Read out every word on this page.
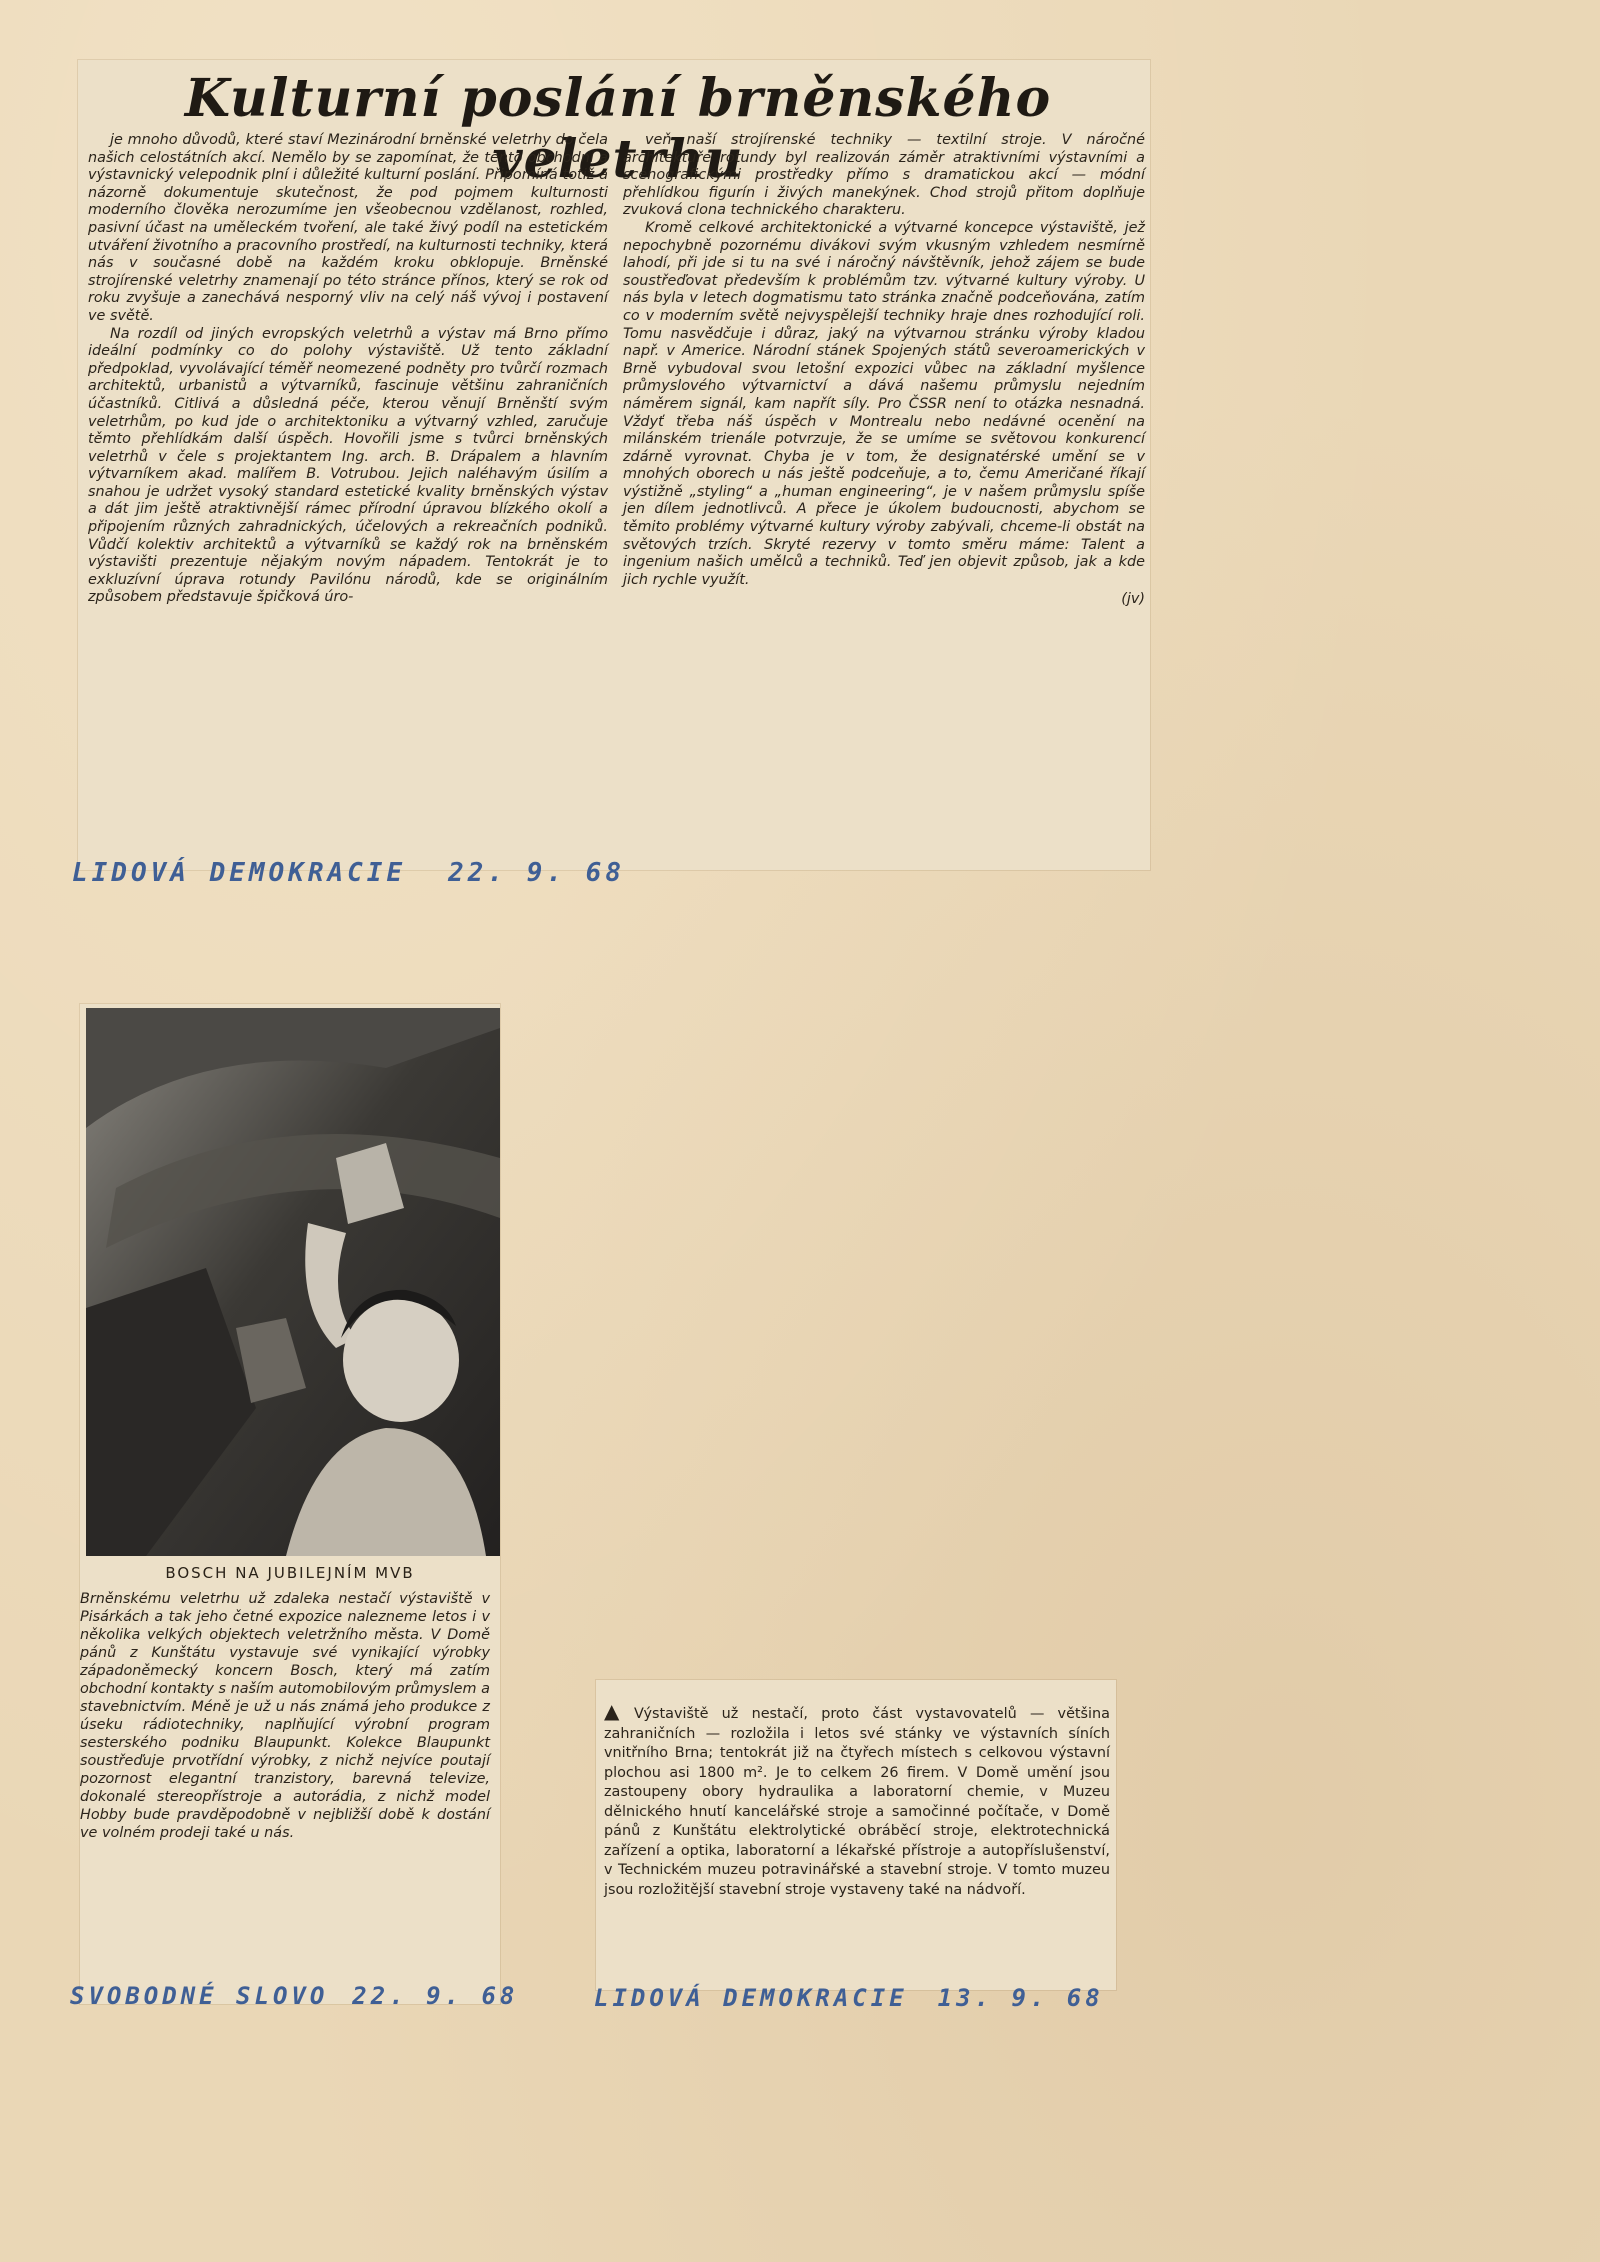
Kulturní poslání brněnského veletrhu

je mnoho důvodů, které staví Mezinárodní brněnské veletrhy do čela našich celostátních akcí. Nemělo by se zapomínat, že tento obchodní a výstavnický velepodnik plní i důležité kulturní poslání. Připomíná totiž a názorně dokumentuje skutečnost, že pod pojmem kulturnosti moderního člověka nerozumíme jen všeobecnou vzdělanost, rozhled, pasivní účast na uměleckém tvoření, ale také živý podíl na estetickém utváření životního a pracovního prostředí, na kulturnosti techniky, která nás v současné době na každém kroku obklopuje. Brněnské strojírenské veletrhy znamenají po této stránce přínos, který se rok od roku zvyšuje a zanechává nesporný vliv na celý náš vývoj i postavení ve světě.

Na rozdíl od jiných evropských veletrhů a výstav má Brno přímo ideální podmínky co do polohy výstaviště. Už tento základní předpoklad, vyvolávající téměř neomezené podněty pro tvůrčí rozmach architektů, urbanistů a výtvarníků, fascinuje většinu zahraničních účastníků. Citlivá a důsledná péče, kterou věnují Brněnští svým veletrhům, po kud jde o architektoniku a výtvarný vzhled, zaručuje těmto přehlídkám další úspěch. Hovořili jsme s tvůrci brněnských veletrhů v čele s projektantem Ing. arch. B. Drápalem a hlavním výtvarníkem akad. malířem B. Votrubou. Jejich naléhavým úsilím a snahou je udržet vysoký standard estetické kvality brněnských výstav a dát jim ještě atraktivnější rámec přírodní úpravou blízkého okolí a připojením různých zahradnických, účelových a rekreačních podniků. Vůdčí kolektiv architektů a výtvarníků se každý rok na brněnském výstavišti prezentuje nějakým novým nápadem. Tentokrát je to exkluzívní úprava rotundy Pavilónu národů, kde se originálním způsobem představuje špičková úro-

veň naší strojírenské techniky — textilní stroje. V náročné architektuře rotundy byl realizován záměr atraktivními výstavními a scénografickými prostředky přímo s dramatickou akcí — módní přehlídkou figurín i živých manekýnek. Chod strojů přitom doplňuje zvuková clona technického charakteru.

Kromě celkové architektonické a výtvarné koncepce výstaviště, jež nepochybně pozornému divákovi svým vkusným vzhledem nesmírně lahodí, při jde si tu na své i náročný návštěvník, jehož zájem se bude soustřeďovat především k problémům tzv. výtvarné kultury výroby. U nás byla v letech dogmatismu tato stránka značně podceňována, zatím co v moderním světě nejvyspělejší techniky hraje dnes rozhodující roli. Tomu nasvědčuje i důraz, jaký na výtvarnou stránku výroby kladou např. v Americe. Národní stánek Spojených států severoamerických v Brně vybudoval svou letošní expozici vůbec na základní myšlence průmyslového výtvarnictví a dává našemu průmyslu nejedním náměrem signál, kam napřít síly. Pro ČSSR není to otázka nesnadná. Vždyť třeba náš úspěch v Montrealu nebo nedávné ocenění na milánském trienále potvrzuje, že se umíme se světovou konkurencí zdárně vyrovnat. Chyba je v tom, že designatérské umění se v mnohých oborech u nás ještě podceňuje, a to, čemu Američané říkají výstižně „styling“ a „human engineering“, je v našem průmyslu spíše jen dílem jednotlivců. A přece je úkolem budoucnosti, abychom se těmito problémy výtvarné kultury výroby zabývali, chceme-li obstát na světových trzích. Skryté rezervy v tomto směru máme: Talent a ingenium našich umělců a techniků. Teď jen objevit způsob, jak a kde jich rychle využít.

(jv)
LIDOVÁ DEMOKRACIE 22. 9. 68
BOSCH NA JUBILEJNÍM MVB
Brněnskému veletrhu už zdaleka nestačí výstaviště v Pisárkách a tak jeho četné expozice nalezneme letos i v několika velkých objektech veletržního města. V Domě pánů z Kunštátu vystavuje své vynikající výrobky západoněmecký koncern Bosch, který má zatím obchodní kontakty s naším automobilovým průmyslem a stavebnictvím. Méně je už u nás známá jeho produkce z úseku rádiotechniky, naplňující výrobní program sesterského podniku Blaupunkt. Kolekce Blaupunkt soustřeďuje prvotřídní výrobky, z nichž nejvíce poutají pozornost elegantní tranzistory, barevná televize, dokonalé stereopřístroje a autorádia, z nichž model Hobby bude pravděpodobně v nejbližší době k dostání ve volném prodeji také u nás.
SVOBODNÉ SLOVO 22. 9. 68
▲ Výstaviště už nestačí, proto část vystavovatelů — většina zahraničních — rozložila i letos své stánky ve výstavních síních vnitřního Brna; tentokrát již na čtyřech místech s celkovou výstavní plochou asi 1800 m². Je to celkem 26 firem. V Domě umění jsou zastoupeny obory hydraulika a laboratorní chemie, v Muzeu dělnického hnutí kancelářské stroje a samočinné počítače, v Domě pánů z Kunštátu elektrolytické obráběcí stroje, elektrotechnická zařízení a optika, laboratorní a lékařské přístroje a autopříslušenství, v Technickém muzeu potravinářské a stavební stroje. V tomto muzeu jsou rozložitější stavební stroje vystaveny také na nádvoří.
LIDOVÁ DEMOKRACIE 13. 9. 68
